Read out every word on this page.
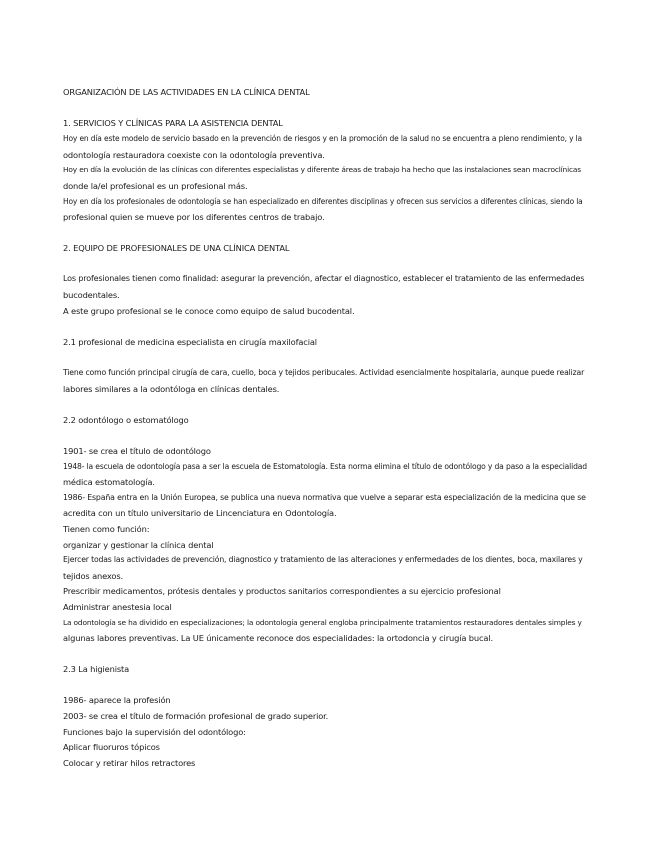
ORGANIZACIÓN DE LAS ACTIVIDADES EN LA CLÍNICA DENTAL
1. SERVICIOS Y CLÍNICAS PARA LA ASISTENCIA DENTAL
Hoy en día este modelo de servicio basado en la prevención de riesgos y en la promoción de la salud no se encuentra a pleno rendimiento, y la
odontología restauradora coexiste con la odontología preventiva.
Hoy en día la evolución de las clínicas con diferentes especialistas y diferente áreas de trabajo ha hecho que las instalaciones sean macroclínicas
donde la/el profesional es un profesional más.
Hoy en día los profesionales de odontología se han especializado en diferentes disciplinas y ofrecen sus servicios a diferentes clínicas, siendo la
profesional quien se mueve por los diferentes centros de trabajo.
2. EQUIPO DE PROFESIONALES DE UNA CLÍNICA DENTAL
Los profesionales tienen como finalidad: asegurar la prevención, afectar el diagnostico, establecer el tratamiento de las enfermedades
bucodentales.
A este grupo profesional se le conoce como equipo de salud bucodental.
2.1 profesional de medicina especialista en cirugía maxilofacial
Tiene como función principal cirugía de cara, cuello, boca y tejidos peribucales. Actividad esencialmente hospitalaria, aunque puede realizar
labores similares a la odontóloga en clínicas dentales.
2.2 odontólogo o estomatólogo
1901- se crea el título de odontólogo
1948- la escuela de odontología pasa a ser la escuela de Estomatología. Esta norma elimina el título de odontólogo y da paso a la especialidad
médica estomatología.
1986- España entra en la Unión Europea, se publica una nueva normativa que vuelve a separar esta especialización de la medicina que se
acredita con un título universitario de Lincenciatura en Odontología.
Tienen como función:
organizar y gestionar la clínica dental
Ejercer todas las actividades de prevención, diagnostico y tratamiento de las alteraciones y enfermedades de los dientes, boca, maxilares y
tejidos anexos.
Prescribir medicamentos, prótesis dentales y productos sanitarios correspondientes a su ejercicio profesional
Administrar anestesia local
La odontología se ha dividido en especializaciones; la odontología general engloba principalmente tratamientos restauradores dentales simples y
algunas labores preventivas. La UE únicamente reconoce dos especialidades: la ortodoncia y cirugía bucal.
2.3 La higienista
1986- aparece la profesión
2003- se crea el título de formación profesional de grado superior.
Funciones bajo la supervisión del odontólogo:
Aplicar fluoruros tópicos
Colocar y retirar hilos retractores
